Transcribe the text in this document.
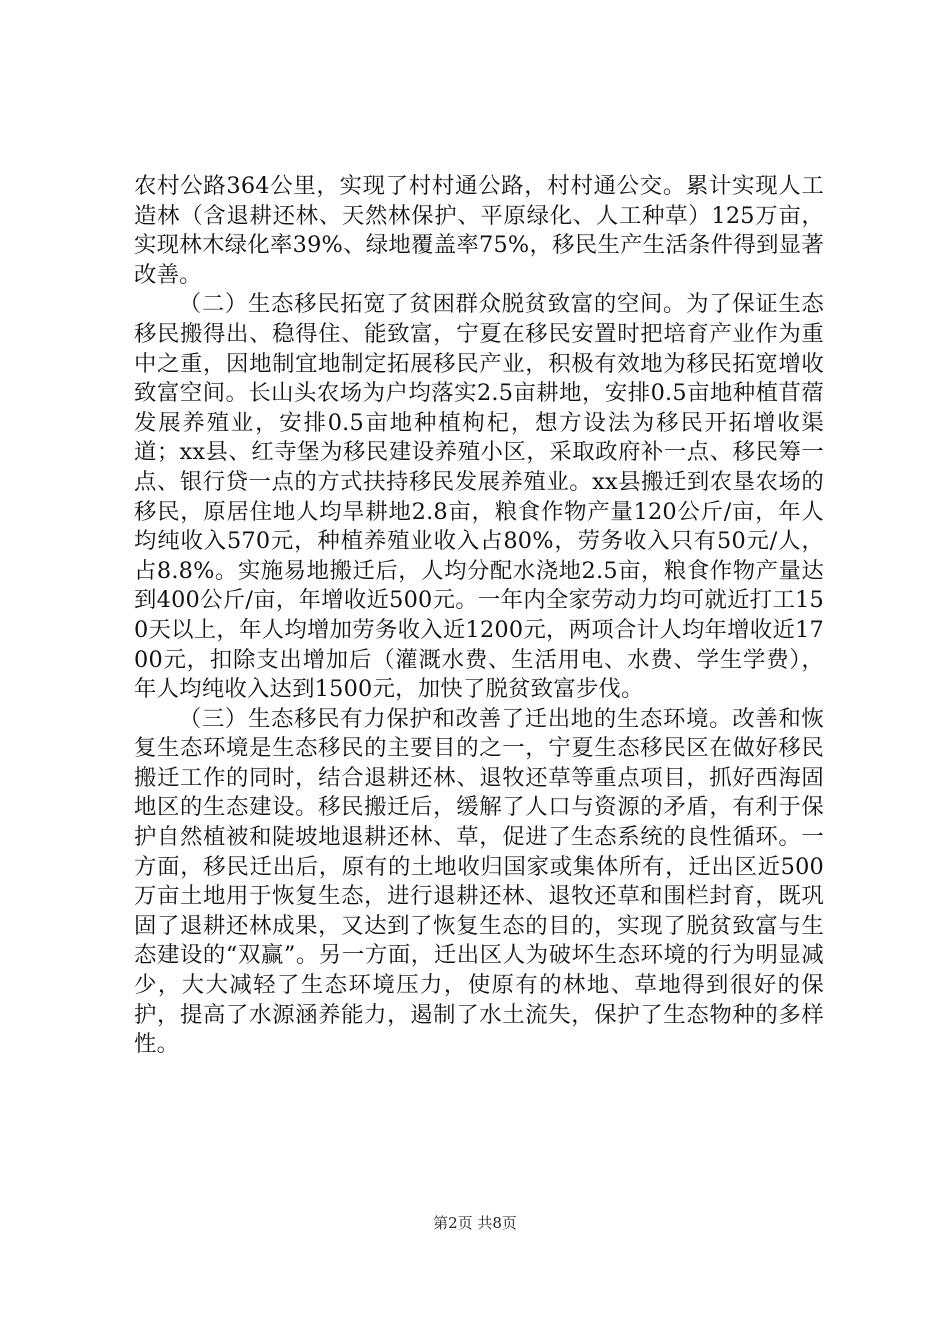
农村公路364公里，实现了村村通公路，村村通公交。累计实现人工造林（含退耕还林、天然林保护、平原绿化、人工种草）125万亩，实现林木绿化率39%、绿地覆盖率75%，移民生产生活条件得到显著改善。

（二）生态移民拓宽了贫困群众脱贫致富的空间。为了保证生态移民搬得出、稳得住、能致富，宁夏在移民安置时把培育产业作为重中之重，因地制宜地制定拓展移民产业，积极有效地为移民拓宽增收致富空间。长山头农场为户均落实2.5亩耕地，安排0.5亩地种植苜蓿发展养殖业，安排0.5亩地种植枸杞，想方设法为移民开拓增收渠道；xx县、红寺堡为移民建设养殖小区，采取政府补一点、移民筹一点、银行贷一点的方式扶持移民发展养殖业。xx县搬迁到农垦农场的移民，原居住地人均旱耕地2.8亩，粮食作物产量120公斤/亩，年人均纯收入570元，种植养殖业收入占80%，劳务收入只有50元/人，占8.8%。实施易地搬迁后，人均分配水浇地2.5亩，粮食作物产量达到400公斤/亩，年增收近500元。一年内全家劳动力均可就近打工150天以上，年人均增加劳务收入近1200元，两项合计人均年增收近1700元，扣除支出增加后（灌溉水费、生活用电、水费、学生学费），年人均纯收入达到1500元，加快了脱贫致富步伐。

（三）生态移民有力保护和改善了迁出地的生态环境。改善和恢复生态环境是生态移民的主要目的之一，宁夏生态移民区在做好移民搬迁工作的同时，结合退耕还林、退牧还草等重点项目，抓好西海固地区的生态建设。移民搬迁后，缓解了人口与资源的矛盾，有利于保护自然植被和陡坡地退耕还林、草，促进了生态系统的良性循环。一方面，移民迁出后，原有的土地收归国家或集体所有，迁出区近500万亩土地用于恢复生态，进行退耕还林、退牧还草和围栏封育，既巩固了退耕还林成果，又达到了恢复生态的目的，实现了脱贫致富与生态建设的“双赢”。另一方面，迁出区人为破坏生态环境的行为明显减少，大大减轻了生态环境压力，使原有的林地、草地得到很好的保护，提高了水源涵养能力，遏制了水土流失，保护了生态物种的多样性。

第2页 共8页
